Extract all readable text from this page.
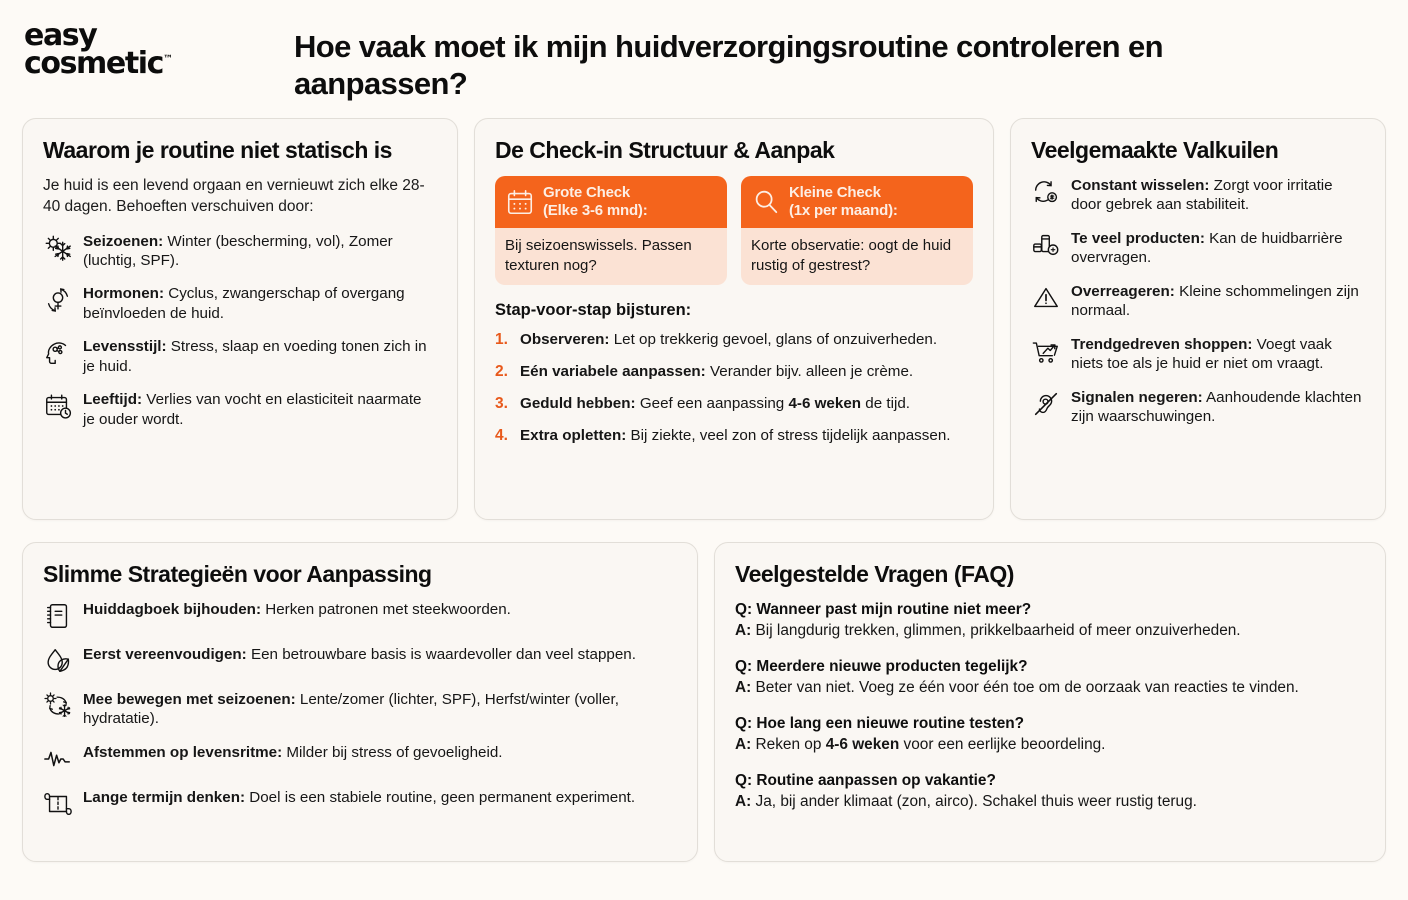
easy
cosmetic™	Hoe vaak moet ik mijn huidverzorgingsroutine controleren en aanpassen?
Waarom je routine niet statisch is

Je huid is een levend orgaan en vernieuwt zich elke 28-40 dagen. Behoeften verschuiven door:

Seizoenen: Winter (bescherming, vol), Zomer (luchtig, SPF).
Hormonen: Cyclus, zwangerschap of overgang beïnvloeden de huid.
Levensstijl: Stress, slaap en voeding tonen zich in je huid.
Leeftijd: Verlies van vocht en elasticiteit naarmate je ouder wordt.
De Check-in Structuur & Aanpak
Grote Check
(Elke 3-6 mnd):
Bij seizoenswissels. Passen texturen nog?
Kleine Check
(1x per maand):
Korte observatie: oogt de huid rustig of gestrest?
Stap-voor-stap bijsturen:
1. Observeren: Let op trekkerig gevoel, glans of onzuiverheden.
2. Eén variabele aanpassen: Verander bijv. alleen je crème.
3. Geduld hebben: Geef een aanpassing 4-6 weken de tijd.
4. Extra opletten: Bij ziekte, veel zon of stress tijdelijk aanpassen.
Veelgemaakte Valkuilen
Constant wisselen: Zorgt voor irritatie door gebrek aan stabiliteit.
Te veel producten: Kan de huidbarrière overvragen.
Overreageren: Kleine schommelingen zijn normaal.
Trendgedreven shoppen: Voegt vaak niets toe als je huid er niet om vraagt.
Signalen negeren: Aanhoudende klachten zijn waarschuwingen.
Slimme Strategieën voor Aanpassing
Huiddagboek bijhouden: Herken patronen met steekwoorden.
Eerst vereenvoudigen: Een betrouwbare basis is waardevoller dan veel stappen.
Mee bewegen met seizoenen: Lente/zomer (lichter, SPF), Herfst/winter (voller, hydratatie).
Afstemmen op levensritme: Milder bij stress of gevoeligheid.
Lange termijn denken: Doel is een stabiele routine, geen permanent experiment.
Veelgestelde Vragen (FAQ)
Q: Wanneer past mijn routine niet meer?
A: Bij langdurig trekken, glimmen, prikkelbaarheid of meer onzuiverheden.
Q: Meerdere nieuwe producten tegelijk?
A: Beter van niet. Voeg ze één voor één toe om de oorzaak van reacties te vinden.
Q: Hoe lang een nieuwe routine testen?
A: Reken op 4-6 weken voor een eerlijke beoordeling.
Q: Routine aanpassen op vakantie?
A: Ja, bij ander klimaat (zon, airco). Schakel thuis weer rustig terug.
